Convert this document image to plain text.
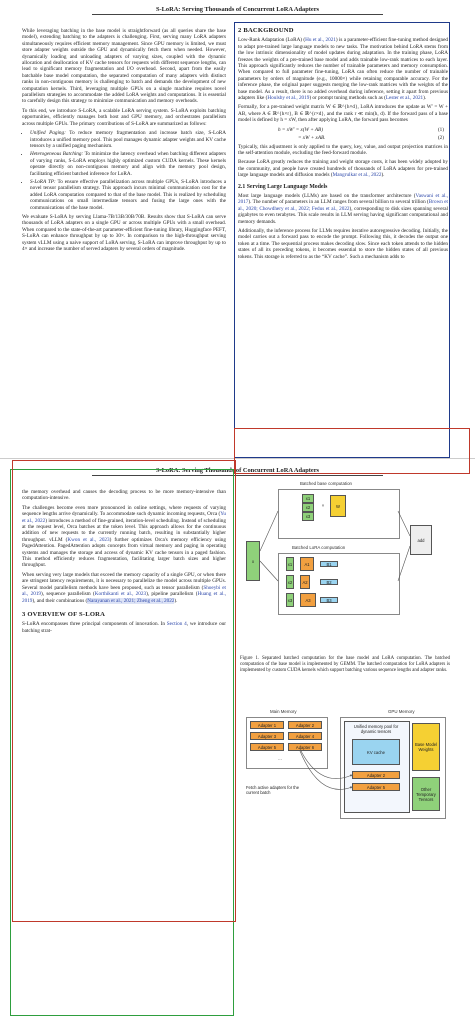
S-LoRA: Serving Thousands of Concurrent LoRA Adapters

While leveraging batching in the base model is straightforward (as all queries share the base model), extending batching to the adapters is challenging. First, serving many LoRA adapters simultaneously requires efficient memory management. Since GPU memory is limited, we must store adapter weights outside the GPU and dynamically fetch them when needed. However, dynamically loading and unloading adapters of varying sizes, coupled with the dynamic allocation and deallocation of KV cache tensors for requests with different sequence lengths, can lead to significant memory fragmentation and I/O overhead. Second, apart from the easily batchable base model computation, the separated computation of many adapters with distinct ranks in non-contiguous memory is challenging to batch and demands the development of new computation kernels. Third, leveraging multiple GPUs on a single machine requires novel parallelism strategies to accommodate the added LoRA weights and computations. It is essential to carefully design this strategy to minimize communication and memory overheads.

To this end, we introduce S-LoRA, a scalable LoRA serving system. S-LoRA exploits batching opportunities, efficiently manages both host and GPU memory, and orchestrates parallelism across multiple GPUs. The primary contributions of S-LoRA are summarized as follows:

• Unified Paging: To reduce memory fragmentation and increase batch size, S-LoRA introduces a unified memory pool. This pool manages dynamic adapter weights and KV cache tensors by a unified paging mechanism.
• Heterogeneous Batching: To minimize the latency overhead when batching different adapters of varying ranks, S-LoRA employs highly optimized custom CUDA kernels. These kernels operate directly on non-contiguous memory and align with the memory pool design, facilitating efficient batched inference for LoRA.
• S-LoRA TP: To ensure effective parallelization across multiple GPUs, S-LoRA introduces a novel tensor parallelism strategy. This approach incurs minimal communication cost for the added LoRA computation compared to that of the base model. This is realized by scheduling communications on small intermediate tensors and fusing the large ones with the communications of the base model.

We evaluate S-LoRA by serving Llama-7B/13B/30B/70B. Results show that S-LoRA can serve thousands of LoRA adapters on a single GPU or across multiple GPUs with a small overhead. When compared to the state-of-the-art parameter-efficient fine-tuning library, Huggingface PEFT, S-LoRA can enhance throughput by up to 30×. In comparison to the high-throughput serving system vLLM using a naive support of LoRA serving, S-LoRA can improve throughput by up to 4× and increase the number of served adapters by several orders of magnitude.

2 BACKGROUND

Low-Rank Adaptation (LoRA) (Hu et al., 2021) is a parameter-efficient fine-tuning method designed to adapt pre-trained large language models to new tasks. The motivation behind LoRA stems from the low intrinsic dimensionality of model updates during adaptation. In the training phase, LoRA freezes the weights of a pre-trained base model and adds trainable low-rank matrices to each layer. This approach significantly reduces the number of trainable parameters and memory consumption. When compared to full parameter fine-tuning, LoRA can often reduce the number of trainable parameters by orders of magnitude (e.g., 10000×) while retaining comparable accuracy. For the inference phase, the original paper suggests merging the low-rank matrices with the weights of the base model. As a result, there is no added overhead during inference, setting it apart from previous adapters like (Houlsby et al., 2019) or prompt tuning methods such as (Lester et al., 2021).

Formally, for a pre-trained weight matrix W ∈ ℝ^{h×d}, LoRA introduces the update as W′ = W + AB, where A ∈ ℝ^{h×r}, B ∈ ℝ^{r×d}, and the rank r ≪ min(h, d). If the forward pass of a base model is defined by h = xW, then after applying LoRA, the forward pass becomes

h = xW′ = x(W + AB)	(1)
= xW + xAB.	(2)

Typically, this adjustment is only applied to the query, key, value, and output projection matrices in the self-attention module, excluding the feed-forward module.

Because LoRA greatly reduces the training and weight storage costs, it has been widely adopted by the community, and people have created hundreds of thousands of LoRA adapters for pre-trained large language models and diffusion models (Mangrulkar et al., 2022).

2.1 Serving Large Language Models

Most large language models (LLMs) are based on the transformer architecture (Vaswani et al., 2017). The number of parameters in an LLM ranges from several billion to several trillion (Brown et al., 2020; Chowdhery et al., 2022; Fedus et al., 2022), corresponding to disk sizes spanning several gigabytes to even terabytes. This scale results in LLM serving having significant computational and memory demands.

Additionally, the inference process for LLMs requires iterative autoregressive decoding. Initially, the model carries out a forward pass to encode the prompt. Following this, it decodes the output one token at a time. The sequential process makes decoding slow. Since each token attends to the hidden states of all its preceding tokens, it becomes essential to store the hidden states of all previous tokens. This storage is referred to as the “KV cache”. Such a mechanism adds to

S-LoRA: Serving Thousands of Concurrent LoRA Adapters

the memory overhead and causes the decoding process to be more memory-intensive than computation-intensive.

The challenges become even more pronounced in online settings, where requests of varying sequence lengths arrive dynamically. To accommodate such dynamic incoming requests, Orca (Yu et al., 2022) introduces a method of fine-grained, iteration-level scheduling. Instead of scheduling at the request level, Orca batches at the token level. This approach allows for the continuous addition of new requests to the currently running batch, resulting in substantially higher throughput. vLLM (Kwon et al., 2023) further optimizes Orca's memory efficiency using PagedAttention. PagedAttention adopts concepts from virtual memory and paging in operating systems and manages the storage and access of dynamic KV cache tensors in a paged fashion. This method efficiently reduces fragmentation, facilitating larger batch sizes and higher throughput.

When serving very large models that exceed the memory capacity of a single GPU, or when there are stringent latency requirements, it is necessary to parallelize the model across multiple GPUs. Several model parallelism methods have been proposed, such as tensor parallelism (Shoeybi et al., 2019), sequence parallelism (Korthikanti et al., 2023), pipeline parallelism (Huang et al., 2019), and their combinations (Narayanan et al., 2021; Zheng et al., 2022).

3 OVERVIEW OF S-LORA

S-LoRA encompasses three principal components of innovation. In Section 4, we introduce our batching strat-

Batched base computation
x1
x2
x3
×	W
x
Batched LoRA computation
x1	A1	B1
x2	A2	B2
x3	A3	B3
add
Figure 1. Separated batched computation for the base model and LoRA computation. The batched computation of the base model is implemented by GEMM. The batched computation for LoRA adapters is implemented by custom CUDA kernels which support batching various sequence lengths and adapter ranks.
Main Memory	GPU Memory
Adapter 1	Adapter 2
Adapter 3	Adapter 4
Adapter 5	Adapter 6
...
Unified memory pool for dynamic tensors
KV cache
Adapter 2
Adapter 5
Base Model Weights
Other Temporary Tensors
Fetch active adapters for the current batch
